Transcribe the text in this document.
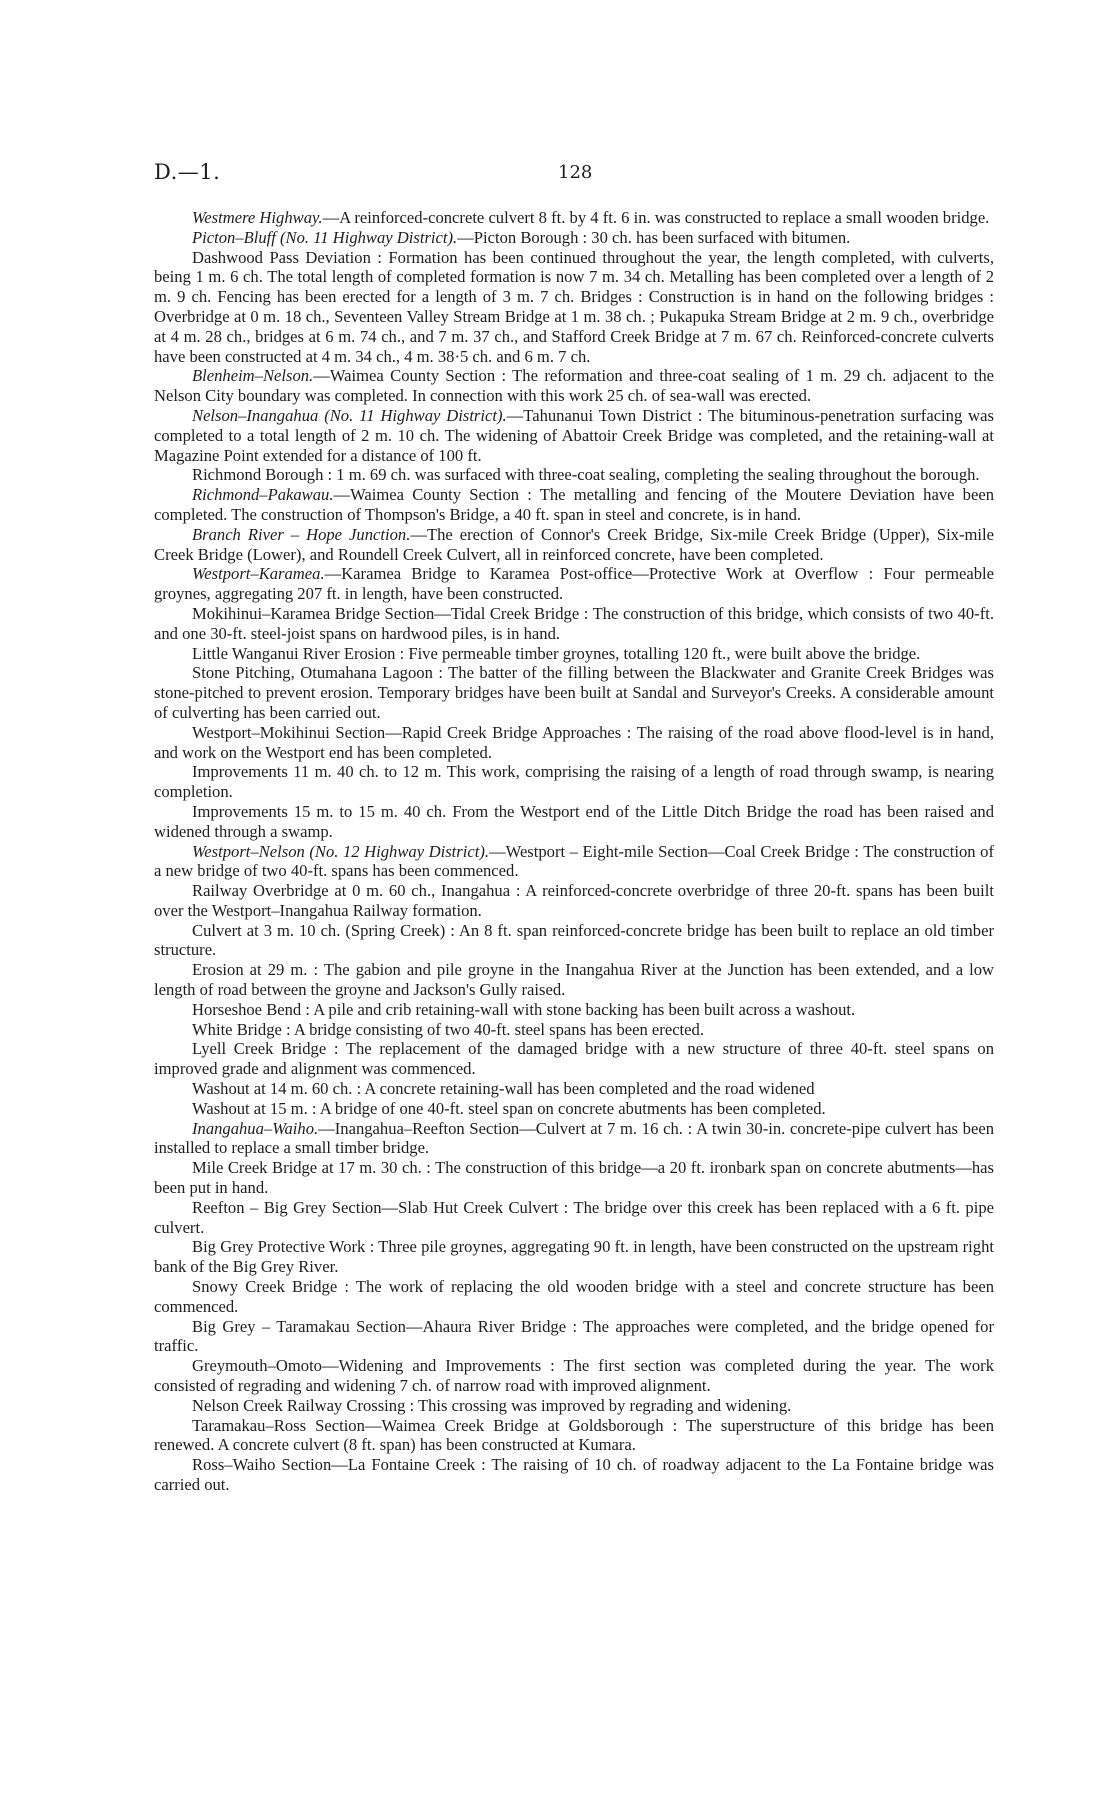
D.—1.	128

Westmere Highway.—A reinforced-concrete culvert 8 ft. by 4 ft. 6 in. was constructed to replace a small wooden bridge.

Picton–Bluff (No. 11 Highway District).—Picton Borough : 30 ch. has been surfaced with bitumen.

Dashwood Pass Deviation : Formation has been continued throughout the year, the length completed, with culverts, being 1 m. 6 ch. The total length of completed formation is now 7 m. 34 ch. Metalling has been completed over a length of 2 m. 9 ch. Fencing has been erected for a length of 3 m. 7 ch. Bridges : Construction is in hand on the following bridges : Overbridge at 0 m. 18 ch., Seventeen Valley Stream Bridge at 1 m. 38 ch. ; Pukapuka Stream Bridge at 2 m. 9 ch., overbridge at 4 m. 28 ch., bridges at 6 m. 74 ch., and 7 m. 37 ch., and Stafford Creek Bridge at 7 m. 67 ch. Reinforced-concrete culverts have been constructed at 4 m. 34 ch., 4 m. 38·5 ch. and 6 m. 7 ch.

Blenheim–Nelson.—Waimea County Section : The reformation and three-coat sealing of 1 m. 29 ch. adjacent to the Nelson City boundary was completed. In connection with this work 25 ch. of sea-wall was erected.

Nelson–Inangahua (No. 11 Highway District).—Tahunanui Town District : The bituminous-penetration surfacing was completed to a total length of 2 m. 10 ch. The widening of Abattoir Creek Bridge was completed, and the retaining-wall at Magazine Point extended for a distance of 100 ft.

Richmond Borough : 1 m. 69 ch. was surfaced with three-coat sealing, completing the sealing throughout the borough.

Richmond–Pakawau.—Waimea County Section : The metalling and fencing of the Moutere Deviation have been completed. The construction of Thompson's Bridge, a 40 ft. span in steel and concrete, is in hand.

Branch River – Hope Junction.—The erection of Connor's Creek Bridge, Six-mile Creek Bridge (Upper), Six-mile Creek Bridge (Lower), and Roundell Creek Culvert, all in reinforced concrete, have been completed.

Westport–Karamea.—Karamea Bridge to Karamea Post-office—Protective Work at Overflow : Four permeable groynes, aggregating 207 ft. in length, have been constructed.

Mokihinui–Karamea Bridge Section—Tidal Creek Bridge : The construction of this bridge, which consists of two 40-ft. and one 30-ft. steel-joist spans on hardwood piles, is in hand.

Little Wanganui River Erosion : Five permeable timber groynes, totalling 120 ft., were built above the bridge.

Stone Pitching, Otumahana Lagoon : The batter of the filling between the Blackwater and Granite Creek Bridges was stone-pitched to prevent erosion. Temporary bridges have been built at Sandal and Surveyor's Creeks. A considerable amount of culverting has been carried out.

Westport–Mokihinui Section—Rapid Creek Bridge Approaches : The raising of the road above flood-level is in hand, and work on the Westport end has been completed.

Improvements 11 m. 40 ch. to 12 m. This work, comprising the raising of a length of road through swamp, is nearing completion.

Improvements 15 m. to 15 m. 40 ch. From the Westport end of the Little Ditch Bridge the road has been raised and widened through a swamp.

Westport–Nelson (No. 12 Highway District).—Westport – Eight-mile Section—Coal Creek Bridge : The construction of a new bridge of two 40-ft. spans has been commenced.

Railway Overbridge at 0 m. 60 ch., Inangahua : A reinforced-concrete overbridge of three 20-ft. spans has been built over the Westport–Inangahua Railway formation.

Culvert at 3 m. 10 ch. (Spring Creek) : An 8 ft. span reinforced-concrete bridge has been built to replace an old timber structure.

Erosion at 29 m. : The gabion and pile groyne in the Inangahua River at the Junction has been extended, and a low length of road between the groyne and Jackson's Gully raised.

Horseshoe Bend : A pile and crib retaining-wall with stone backing has been built across a washout.

White Bridge : A bridge consisting of two 40-ft. steel spans has been erected.

Lyell Creek Bridge : The replacement of the damaged bridge with a new structure of three 40-ft. steel spans on improved grade and alignment was commenced.

Washout at 14 m. 60 ch. : A concrete retaining-wall has been completed and the road widened

Washout at 15 m. : A bridge of one 40-ft. steel span on concrete abutments has been completed.

Inangahua–Waiho.—Inangahua–Reefton Section—Culvert at 7 m. 16 ch. : A twin 30-in. concrete-pipe culvert has been installed to replace a small timber bridge.

Mile Creek Bridge at 17 m. 30 ch. : The construction of this bridge—a 20 ft. ironbark span on concrete abutments—has been put in hand.

Reefton – Big Grey Section—Slab Hut Creek Culvert : The bridge over this creek has been replaced with a 6 ft. pipe culvert.

Big Grey Protective Work : Three pile groynes, aggregating 90 ft. in length, have been constructed on the upstream right bank of the Big Grey River.

Snowy Creek Bridge : The work of replacing the old wooden bridge with a steel and concrete structure has been commenced.

Big Grey – Taramakau Section—Ahaura River Bridge : The approaches were completed, and the bridge opened for traffic.

Greymouth–Omoto—Widening and Improvements : The first section was completed during the year. The work consisted of regrading and widening 7 ch. of narrow road with improved alignment.

Nelson Creek Railway Crossing : This crossing was improved by regrading and widening.

Taramakau–Ross Section—Waimea Creek Bridge at Goldsborough : The superstructure of this bridge has been renewed. A concrete culvert (8 ft. span) has been constructed at Kumara.

Ross–Waiho Section—La Fontaine Creek : The raising of 10 ch. of roadway adjacent to the La Fontaine bridge was carried out.
